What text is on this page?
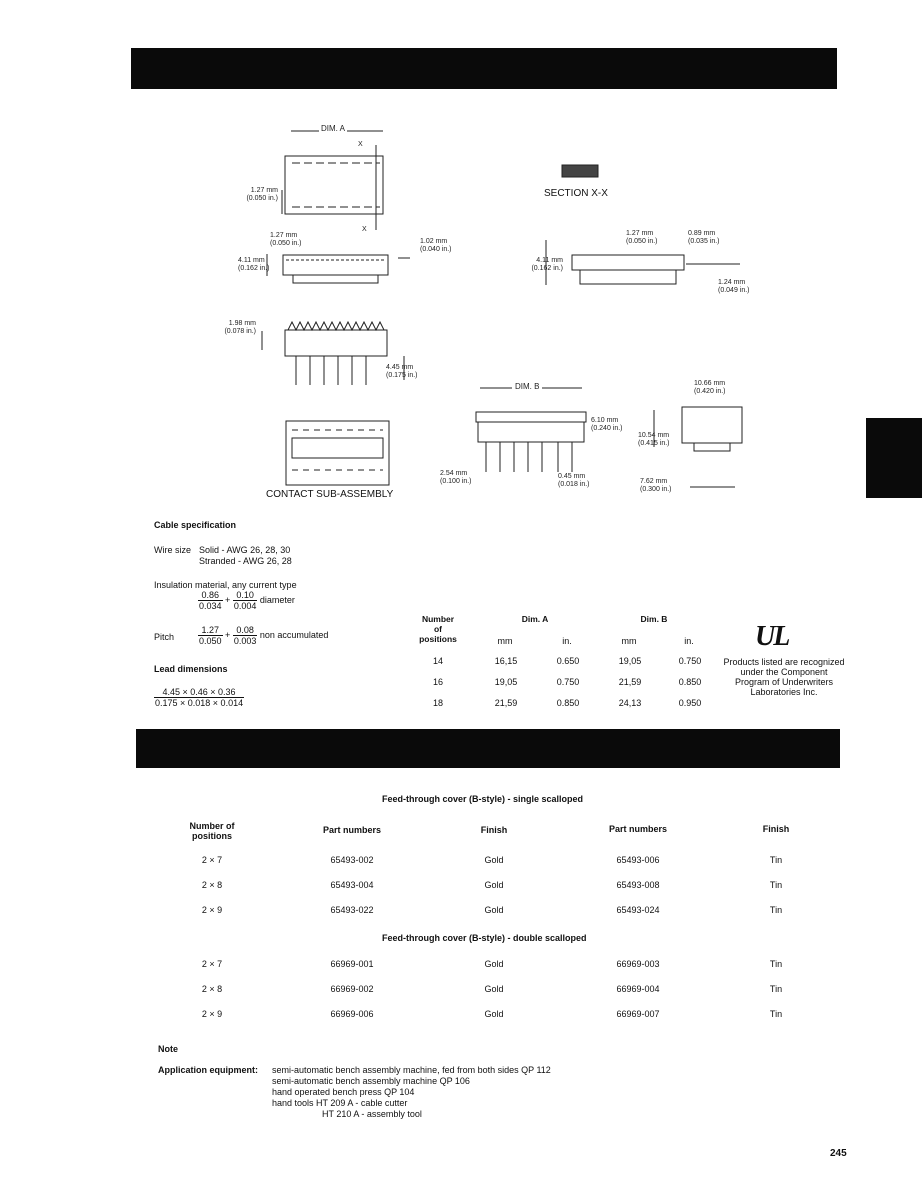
DIM. A
X
X
1.27 mm
(0.050 in.)	SECTION X-X
1.27 mm
(0.050 in.)	1.02 mm
(0.040 in.)
4.11 mm
(0.162 in.)
1.27 mm
(0.050 in.)
0.89 mm
(0.035 in.)
4.11 mm
(0.162 in.)
1.24 mm
(0.049 in.)
1.98 mm
(0.078 in.)
4.45 mm
(0.175 in.)
DIM. B
6.10 mm
(0.240 in.)
10.66 mm
(0.420 in.)
10.54 mm
(0.415 in.)
2.54 mm
(0.100 in.)
0.45 mm
(0.018 in.)	7.62 mm
(0.300 in.)
CONTACT SUB-ASSEMBLY
Cable specification
Wire size Solid - AWG 26, 28, 30
Stranded - AWG 26, 28
Insulation material, any current type
$\frac{0.86}{0.034} + \frac{0.10}{0.004}$ diameter
Pitch	$\frac{1.27}{0.050} + \frac{0.08}{0.003}$ non accumulated
Lead dimensions
$\frac{4.45 \times 0.46 \times 0.36}{0.175 \times 0.018 \times 0.014}$
Number
of
positions
Dim. A	Dim. B
mm	in.	mm	in.
14	16,15	0.650	19,05	0.750
16	19,05	0.750	21,59	0.850
18	21,59	0.850	24,13	0.950
UL
Products listed are recognized under the Component Program of Underwriters Laboratories Inc.
Feed-through cover (B-style) - single scalloped
Number of
positions
Part numbers	Finish	Part numbers	Finish
2 × 7	65493-002	Gold	65493-006	Tin
2 × 8	65493-004	Gold	65493-008	Tin
2 × 9	65493-022	Gold	65493-024	Tin
Feed-through cover (B-style) - double scalloped
2 × 7	66969-001	Gold	66969-003	Tin
2 × 8	66969-002	Gold	66969-004	Tin
2 × 9	66969-006	Gold	66969-007	Tin
Note
Application equipment: semi-automatic bench assembly machine, fed from both sides QP 112
semi-automatic bench assembly machine QP 106
hand operated bench press QP 104
hand tools HT 209 A - cable cutter
HT 210 A - assembly tool
245
